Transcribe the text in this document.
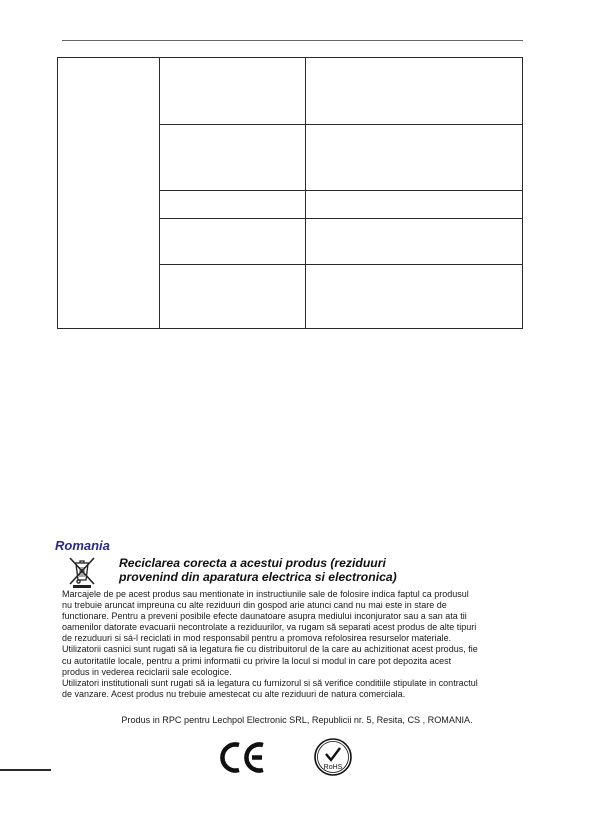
Romania
Reciclarea corecta a acestui produs (reziduuri
provenind din aparatura electrica si electronica)
Marcajele de pe acest produs sau mentionate in instructiunile sale de folosire indica faptul ca produsul
nu trebuie aruncat impreuna cu alte reziduuri din gospod arie atunci cand nu mai este in stare de
functionare. Pentru a preveni posibile efecte daunatoare asupra mediului inconjurator sau a san ata tii
oamenilor datorate evacuarii necontrolate a reziduurilor, va rugam să separati acest produs de alte tipuri
de rezuduuri si sá-l reciclati in mod responsabil pentru a promova refolosirea resurselor materiale.
Utilizatorii casnici sunt rugati să ia legatura fie cu distribuitorul de la care au achizitionat acest produs, fie
cu autoritatile locale, pentru a primi informatii cu privire la locul si modul in care pot depozita acest
produs in vederea reciclarii sale ecologice.
Utilizatori institutionali sunt rugati să ia legatura cu furnizorul si să verifice conditiile stipulate in contractul
de vanzare. Acest produs nu trebuie amestecat cu alte reziduuri de natura comerciala.
Produs in RPC pentru Lechpol Electronic SRL, Republicii nr. 5, Resita, CS , ROMANIA.
RoHS
